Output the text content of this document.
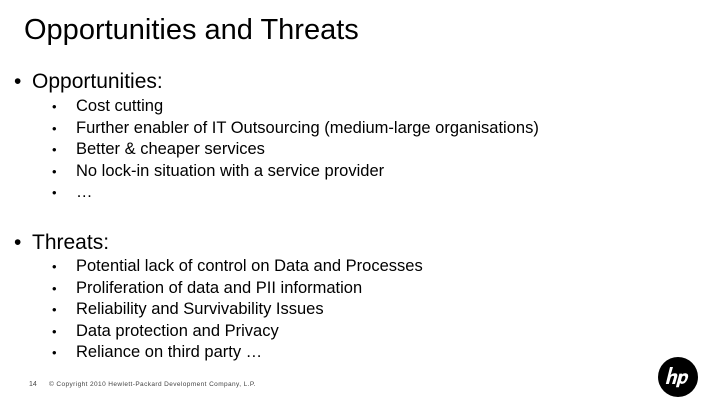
Opportunities and Threats
• Opportunities:
• Cost cutting
• Further enabler of IT Outsourcing (medium-large organisations)
• Better & cheaper services
• No lock-in situation with a service provider
• …
• Threats:
• Potential lack of control on Data and Processes
• Proliferation of data and PII information
• Reliability and Survivability Issues
• Data protection and Privacy
• Reliance on third party …
14 © Copyright 2010 Hewlett-Packard Development Company, L.P.
